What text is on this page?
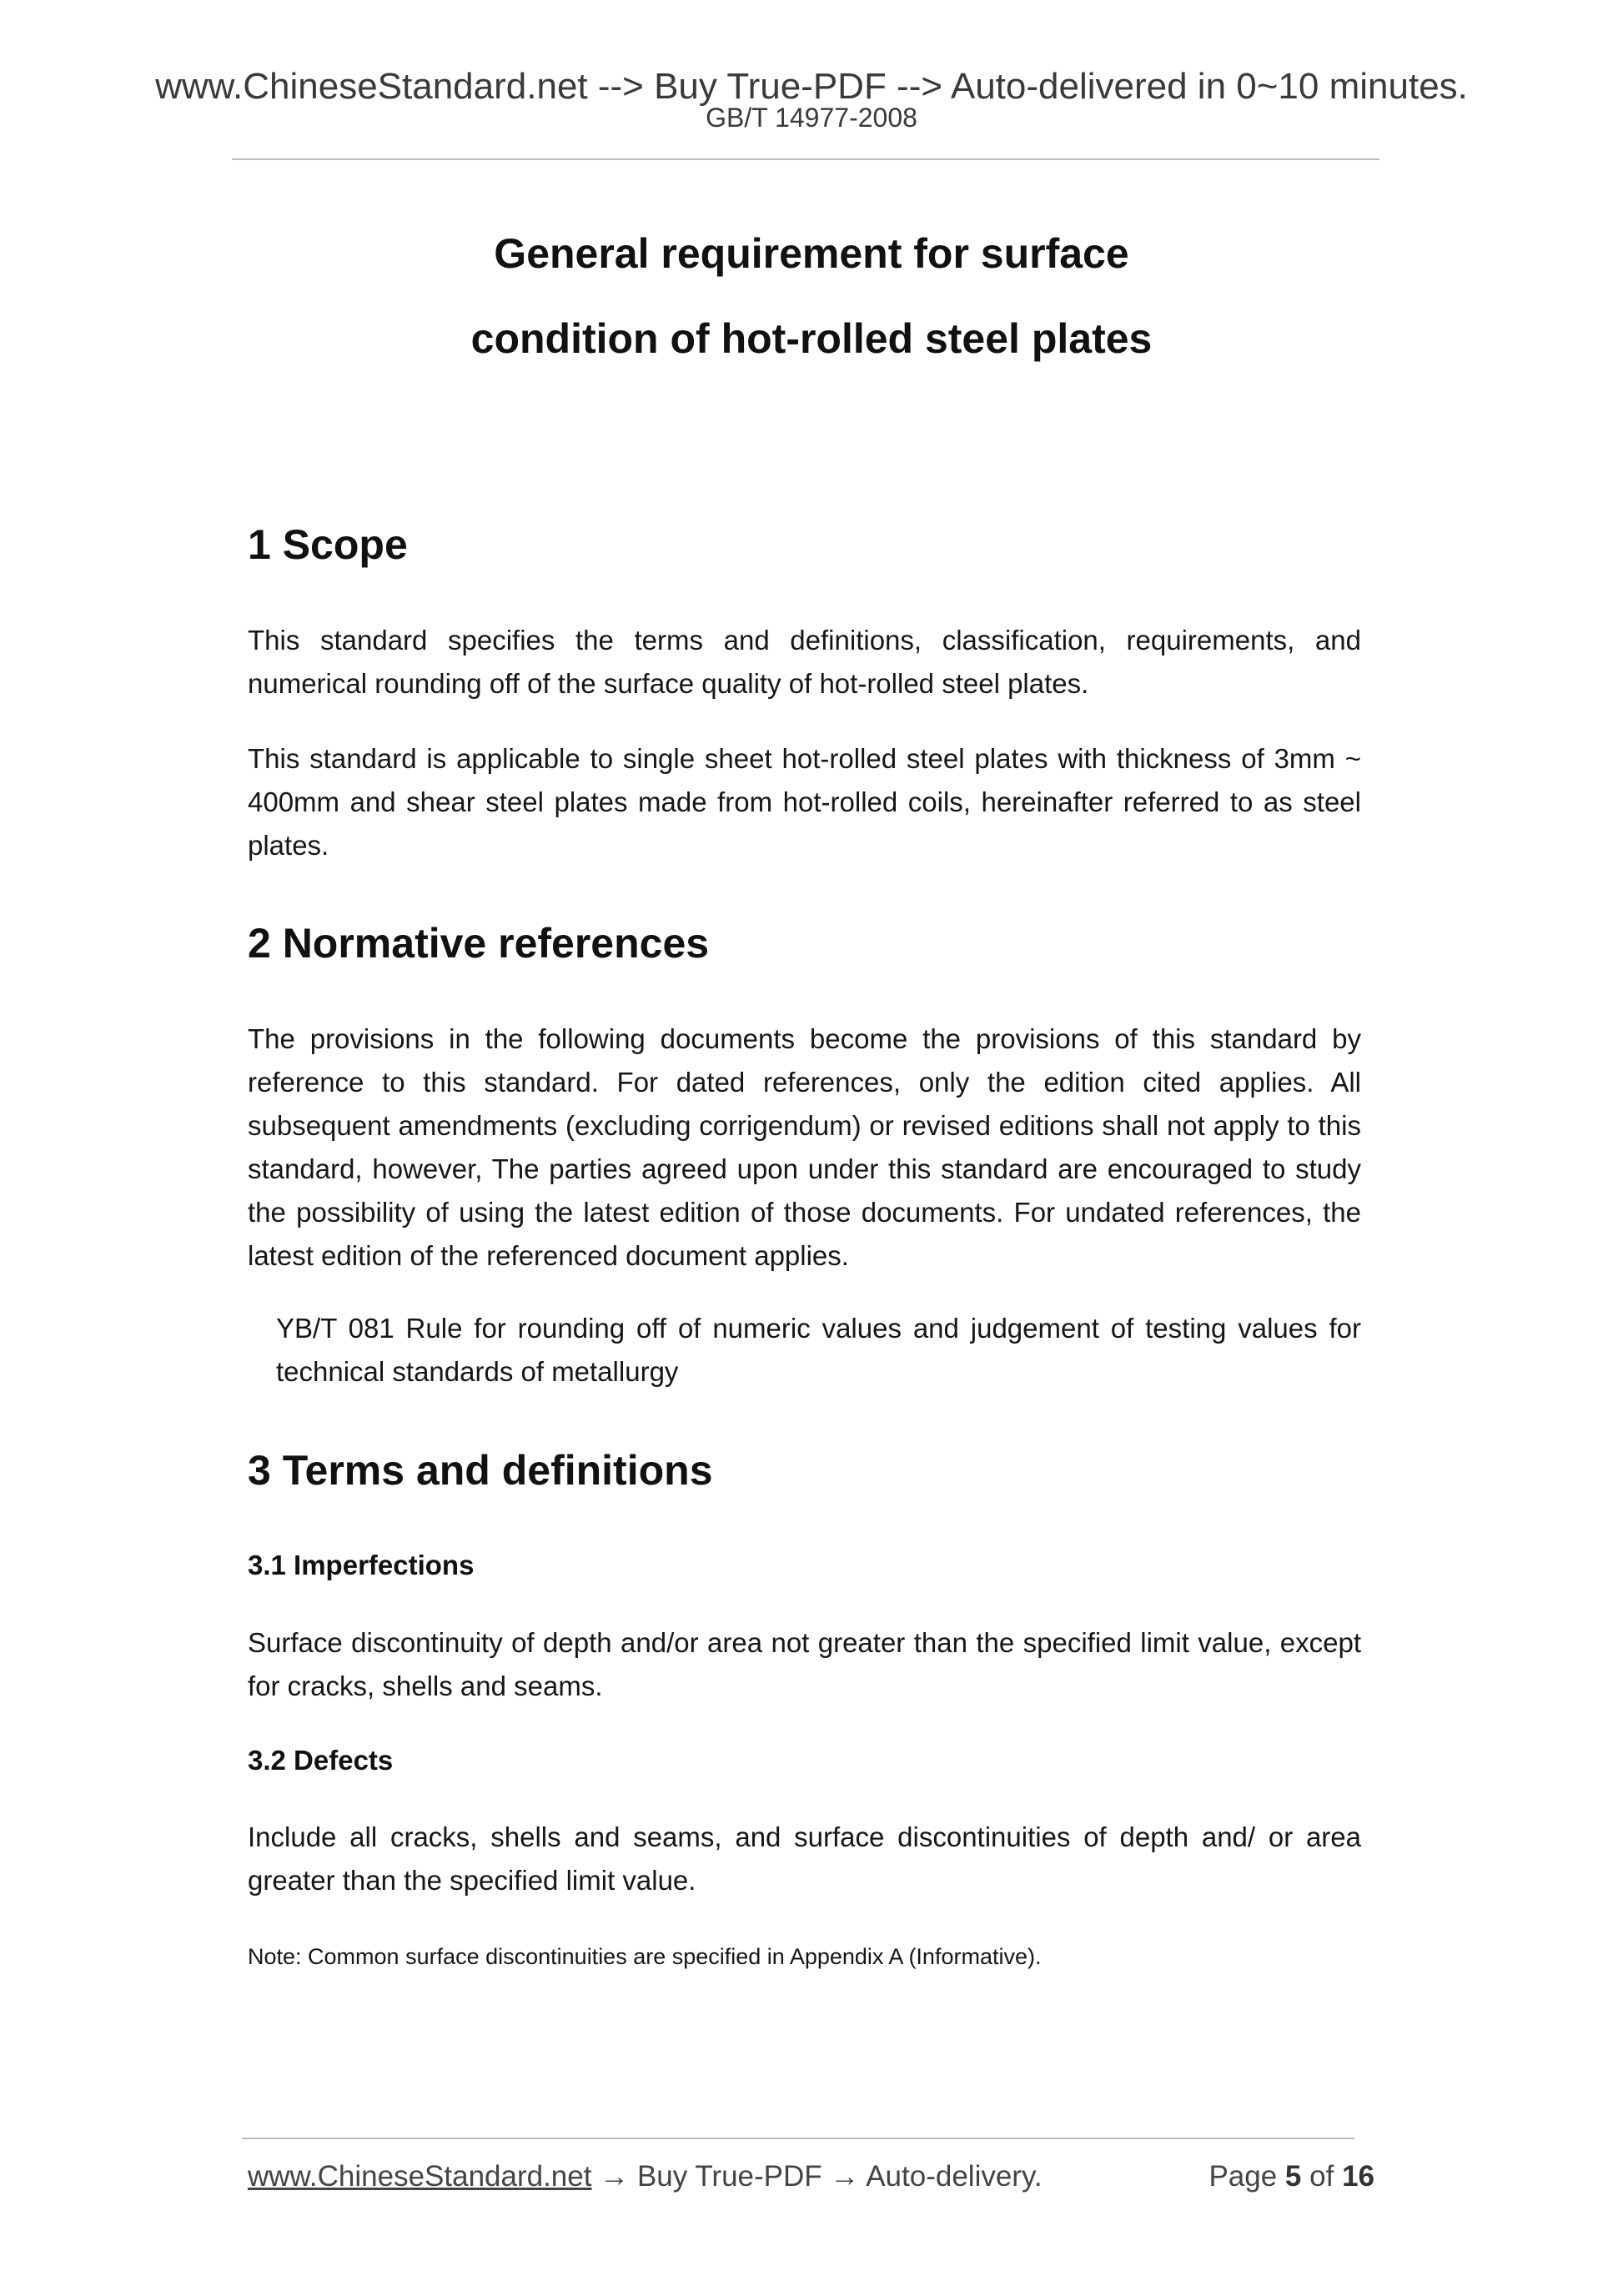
www.ChineseStandard.net --> Buy True-PDF --> Auto-delivered in 0~10 minutes.
GB/T 14977-2008
General requirement for surface
condition of hot-rolled steel plates
1 Scope
This standard specifies the terms and definitions, classification, requirements, and numerical rounding off of the surface quality of hot-rolled steel plates.
This standard is applicable to single sheet hot-rolled steel plates with thickness of 3mm ~ 400mm and shear steel plates made from hot-rolled coils, hereinafter referred to as steel plates.
2 Normative references
The provisions in the following documents become the provisions of this standard by reference to this standard. For dated references, only the edition cited applies. All subsequent amendments (excluding corrigendum) or revised editions shall not apply to this standard, however, The parties agreed upon under this standard are encouraged to study the possibility of using the latest edition of those documents. For undated references, the latest edition of the referenced document applies.
YB/T 081 Rule for rounding off of numeric values and judgement of testing values for technical standards of metallurgy
3 Terms and definitions
3.1 Imperfections
Surface discontinuity of depth and/or area not greater than the specified limit value, except for cracks, shells and seams.
3.2 Defects
Include all cracks, shells and seams, and surface discontinuities of depth and/ or area greater than the specified limit value.
Note: Common surface discontinuities are specified in Appendix A (Informative).
www.ChineseStandard.net → Buy True-PDF → Auto-delivery.	Page 5 of 16
